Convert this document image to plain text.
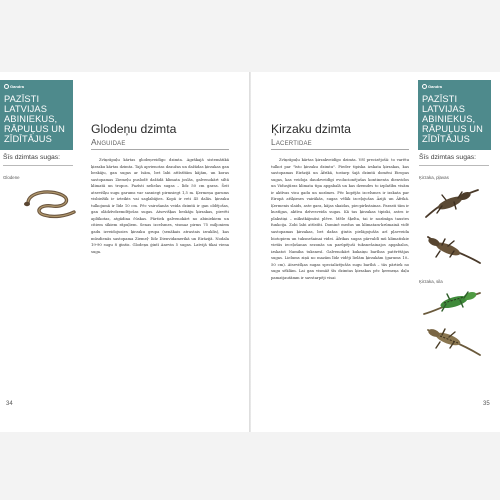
Gandra
PAZĪSTI
LATVIJAS
ABINIEKUS,
RĀPUĻUS UN
ZĪDĪTĀJUS
Šīs dzimtas sugas:
Glodene
Glodeņu dzimta
Anguidae

Zvīņrāpuļu kārtas glodeņveidīgo dzimta. Agrākajā sistemātikā ķirzaku kārtas dzimta. Tajā apvienotas dzaužas un dažādas ķirzakas gan beskāju, gan sugas ar īsām, bet labi attīstītām kājām, un koras sastopamas Ziemeļu puslodē dažādā klimata joslās, galvenokārt siltā klimatā un tropos. Pazīsti nelielas sugas – līdz 50 cm garas. Šeit atsevišķu sugu garums var sasniegt pirmsiegt 1,5 m. Ķermeņa garums visbiežāk ir izteikts vai saglabājies. Kopā ir reti 45 dalās. ķirzaku tulkojumā ir līdz 10 cm. Pēc vairošanās veida dzimtā ir gan oldējošas, gan olādzīvdzemdējošas sugas. Atsevišķas beskāju ķirzakas, pievēti aplūkotas, atgādina čūskas. Pārtiek galvenokārt no abiniekiem un citiem sīkiem rāpuļiem. Senas izcelsmes, vismaz pirms 75 miljoniem gadu izveidojusies ķirzaku grupa (senākais atrastais izraklis), kas mūsdienās sastopama Ziemeļ- līdz Dienvidamerikā un Eirāzijā. Nodala 19-90 sugu 8 ģintis. Glodeņu ģintī Anevin 5 sugas. Latvijā tikai viena suga.

34
Ķirzaku dzimta
Lacertidae

Zvīņrāpuļu kārtas ķirzakveidīgo dzimta. Vēl precizējošā: to varētu tulkot par "īsto ķirzaku dzimtu". Pieder tipiska izskata ķirzakas, kas sastopamas Eirāzijā un Āfrikā, tostarp šajā dzimtā domēni Eiropas sugas, kas veidoja daudzveidīgi evolucionējušas kontinenta dienvidos un Vidusjūras klimata tipa apgabalā un kas dzemdes to izplatību visām ir aktīvas visu gadu un nozīmes. Pēc kopējās izcelsmes ir izskata par Eiropā atšķirnes vairākās, sugas vēlāk izceļojušas Āzijā un Āfrikā. Ķermenis slaids, aste gara, kājas skaidas, piecpirkstainas. Parasti tām ir kustīgas, aktīva dzīvesveida sugas. Kā tas ķirzakas tipiski, astes ir plakstiņi – mīkstkājmūsi plēve. Mēle šķelta, tai ir nozīmīga taustes funkcija. Zobi labi attīstīti. Dominē medus un klimatam-krūmainā vidē sastopamas ķirzakas, bet dažas ģintis pielāgojušās arī pļavveida biotopiem un tuksnešainai videi. Āfrikas sugas pārvaldī mū klimatiskie vietās ieceļošanas sezonās un parūpējuši tuksnešainajos apgabalos, izskatot Namiba tuksnesī. Galvenokārt kukaiņu barības patērētājas sugas. Lielums ziņā no mazām līdz vidēji lielām ķirzakām (garums 10–50 cm). Atsevišķas sugas specializējušās sugu barībā – tās pārtiek no sugu sēklām. Lai gan vismāž šīs dzimtas ķirzakas pēc ķermeņa daļu pamatjautāmm ir savstarpēji visai

35
Gandra
PAZĪSTI
LATVIJAS
ABINIEKUS,
RĀPUĻUS UN
ZĪDĪTĀJUS
Šīs dzimtas sugas:
Ķirzaka, pļavas
Ķirzaka, sila
